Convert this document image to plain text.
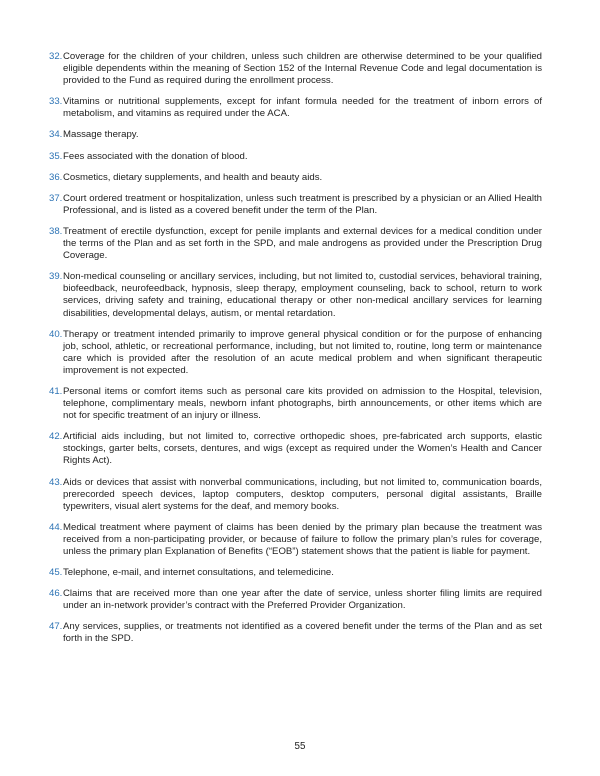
32. Coverage for the children of your children, unless such children are otherwise determined to be your qualified eligible dependents within the meaning of Section 152 of the Internal Revenue Code and legal documentation is provided to the Fund as required during the enrollment process.
33. Vitamins or nutritional supplements, except for infant formula needed for the treatment of inborn errors of metabolism, and vitamins as required under the ACA.
34. Massage therapy.
35. Fees associated with the donation of blood.
36. Cosmetics, dietary supplements, and health and beauty aids.
37. Court ordered treatment or hospitalization, unless such treatment is prescribed by a physician or an Allied Health Professional, and is listed as a covered benefit under the term of the Plan.
38. Treatment of erectile dysfunction, except for penile implants and external devices for a medical condition under the terms of the Plan and as set forth in the SPD, and male androgens as provided under the Prescription Drug Coverage.
39. Non-medical counseling or ancillary services, including, but not limited to, custodial services, behavioral training, biofeedback, neurofeedback, hypnosis, sleep therapy, employment counseling, back to school, return to work services, driving safety and training, educational therapy or other non-medical ancillary services for learning disabilities, developmental delays, autism, or mental retardation.
40. Therapy or treatment intended primarily to improve general physical condition or for the purpose of enhancing job, school, athletic, or recreational performance, including, but not limited to, routine, long term or maintenance care which is provided after the resolution of an acute medical problem and when significant therapeutic improvement is not expected.
41. Personal items or comfort items such as personal care kits provided on admission to the Hospital, television, telephone, complimentary meals, newborn infant photographs, birth announcements, or other items which are not for specific treatment of an injury or illness.
42. Artificial aids including, but not limited to, corrective orthopedic shoes, pre-fabricated arch supports, elastic stockings, garter belts, corsets, dentures, and wigs (except as required under the Women’s Health and Cancer Rights Act).
43. Aids or devices that assist with nonverbal communications, including, but not limited to, communication boards, prerecorded speech devices, laptop computers, desktop computers, personal digital assistants, Braille typewriters, visual alert systems for the deaf, and memory books.
44. Medical treatment where payment of claims has been denied by the primary plan because the treatment was received from a non-participating provider, or because of failure to follow the primary plan’s rules for coverage, unless the primary plan Explanation of Benefits (“EOB”) statement shows that the patient is liable for payment.
45. Telephone, e-mail, and internet consultations, and telemedicine.
46. Claims that are received more than one year after the date of service, unless shorter filing limits are required under an in-network provider’s contract with the Preferred Provider Organization.
47. Any services, supplies, or treatments not identified as a covered benefit under the terms of the Plan and as set forth in the SPD.
55
